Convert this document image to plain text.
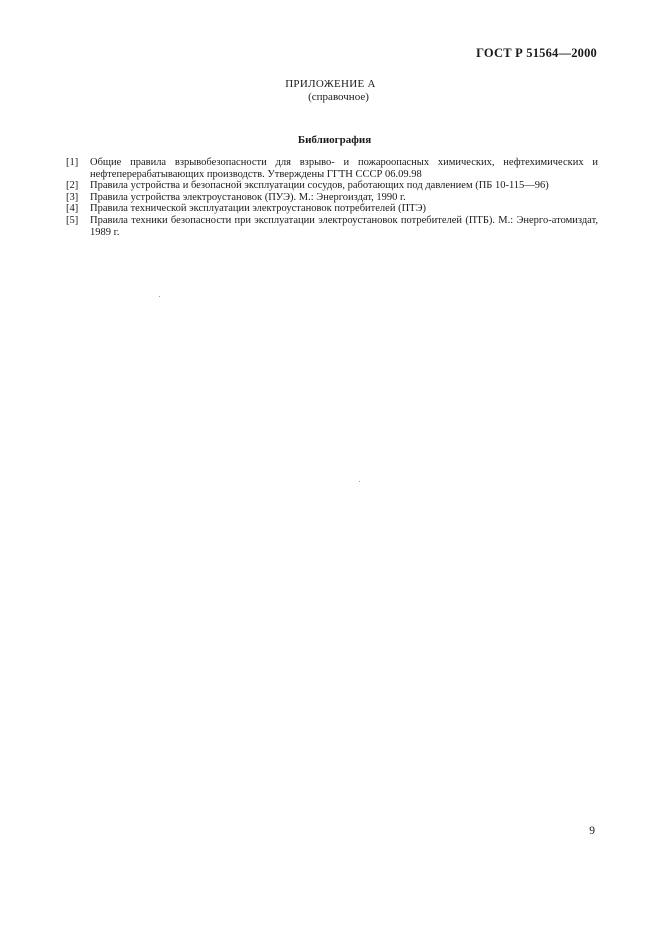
ГОСТ Р 51564—2000
ПРИЛОЖЕНИЕ А
(справочное)
Библиография
[1]	Общие правила взрывобезопасности для взрыво- и пожароопасных химических, нефтехимических и нефтеперерабатывающих производств. Утверждены ГГТН СССР 06.09.98
[2]	Правила устройства и безопасной эксплуатации сосудов, работающих под давлением (ПБ 10-115—96)
[3]	Правила устройства электроустановок (ПУЭ). М.: Энергоиздат, 1990 г.
[4]	Правила технической эксплуатации электроустановок потребителей (ПТЭ)
[5]	Правила техники безопасности при эксплуатации электроустановок потребителей (ПТБ). М.: Энерго-атомиздат, 1989 г.
9
